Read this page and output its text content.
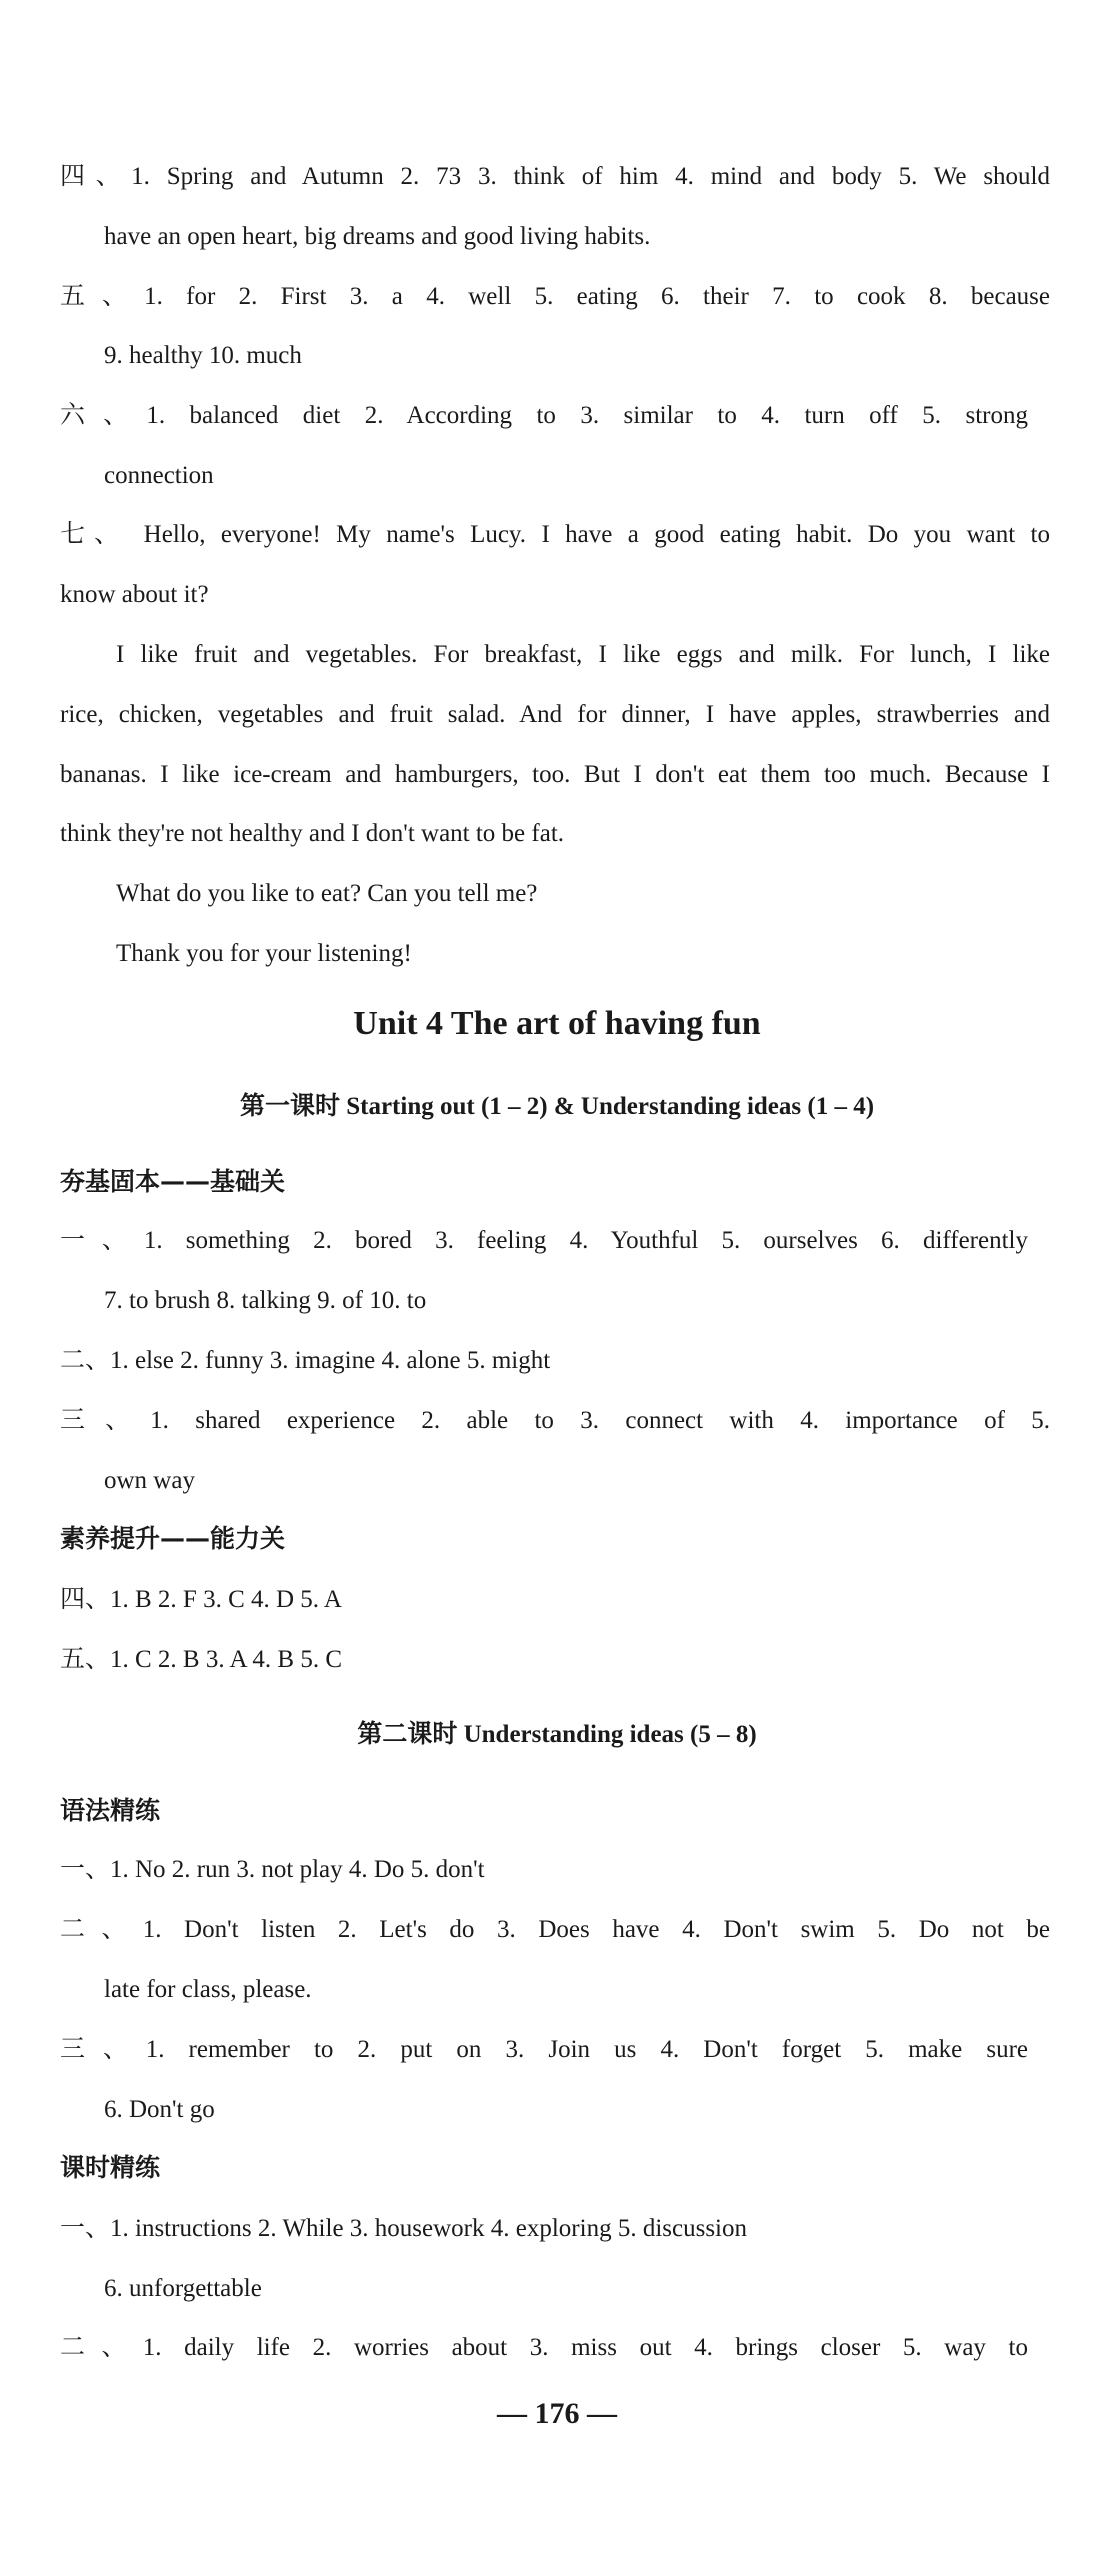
四、1. Spring and Autumn 2. 73 3. think of him 4. mind and body 5. We should
have an open heart, big dreams and good living habits.
五、1. for 2. First 3. a 4. well 5. eating 6. their 7. to cook 8. because
9. healthy 10. much
六、1. balanced diet 2. According to 3. similar to 4. turn off 5. strong
connection
七、 Hello, everyone! My name's Lucy. I have a good eating habit. Do you want to
know about it?
I like fruit and vegetables. For breakfast, I like eggs and milk. For lunch, I like
rice, chicken, vegetables and fruit salad. And for dinner, I have apples, strawberries and
bananas. I like ice-cream and hamburgers, too. But I don't eat them too much. Because I
think they're not healthy and I don't want to be fat.
What do you like to eat? Can you tell me?
Thank you for your listening!
Unit 4 The art of having fun
第一课时 Starting out (1 – 2) & Understanding ideas (1 – 4)
夯基固本——基础关
一、1. something 2. bored 3. feeling 4. Youthful 5. ourselves 6. differently
7. to brush 8. talking 9. of 10. to
二、1. else 2. funny 3. imagine 4. alone 5. might
三、1. shared experience 2. able to 3. connect with 4. importance of 5.
own way
素养提升——能力关
四、1. B 2. F 3. C 4. D 5. A
五、1. C 2. B 3. A 4. B 5. C
第二课时 Understanding ideas (5 – 8)
语法精练
一、1. No 2. run 3. not play 4. Do 5. don't
二、1. Don't listen 2. Let's do 3. Does have 4. Don't swim 5. Do not be
late for class, please.
三、1. remember to 2. put on 3. Join us 4. Don't forget 5. make sure
6. Don't go
课时精练
一、1. instructions 2. While 3. housework 4. exploring 5. discussion
6. unforgettable
二、1. daily life 2. worries about 3. miss out 4. brings closer 5. way to
— 176 —
